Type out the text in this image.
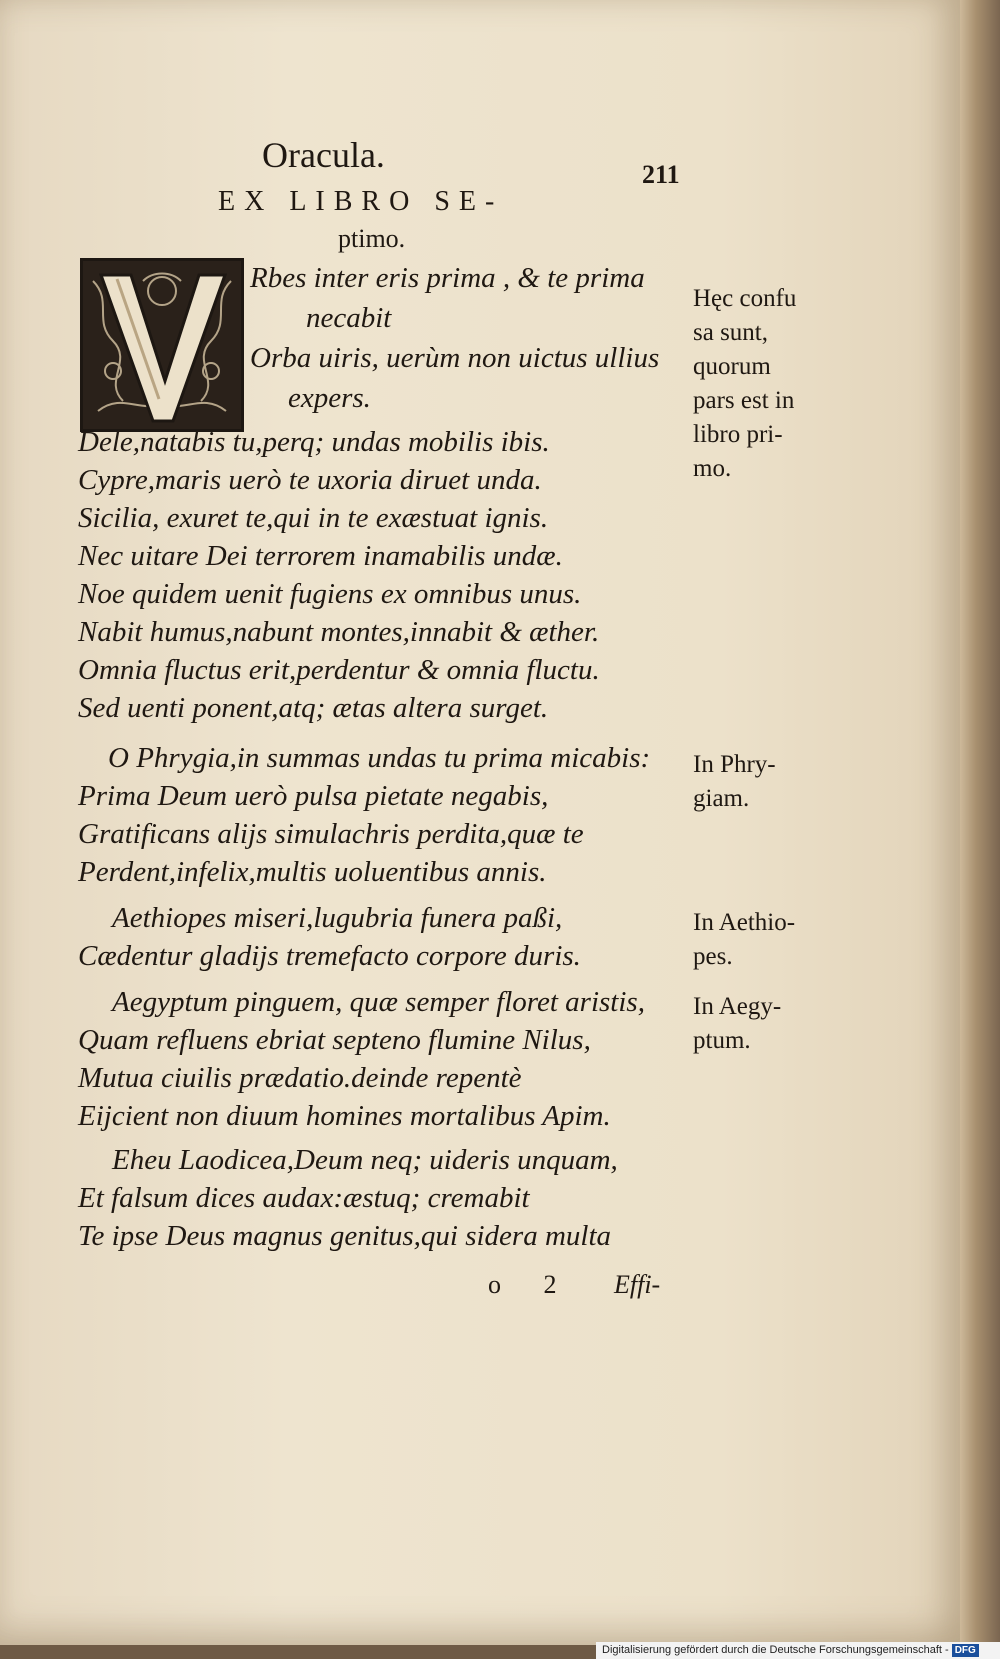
Oracula.	211
EX LIBRO SE-
ptimo.
Rbes inter eris prima , & te prima
necabit
Orba uiris, uerùm non uictus ullius
expers.
Dele,natabis tu,perq; undas mobilis ibis.
Cypre,maris uerò te uxoria diruet unda.
Sicilia, exuret te,qui in te exæstuat ignis.
Nec uitare Dei terrorem inamabilis undæ.
Noe quidem uenit fugiens ex omnibus unus.
Nabit humus,nabunt montes,innabit & æther.
Omnia fluctus erit,perdentur & omnia fluctu.
Sed uenti ponent,atq; ætas altera surget.
O Phrygia,in summas undas tu prima micabis:
Prima Deum uerò pulsa pietate negabis,
Gratificans alijs simulachris perdita,quæ te
Perdent,infelix,multis uoluentibus annis.
Aethiopes miseri,lugubria funera paßi,
Cædentur gladijs tremefacto corpore duris.
Aegyptum pinguem, quæ semper floret aristis,
Quam refluens ebriat septeno flumine Nilus,
Mutua ciuilis prædatio.deinde repentè
Eijcient non diuum homines mortalibus Apim.
Eheu Laodicea,Deum neq; uideris unquam,
Et falsum dices audax:æstuq; cremabit
Te ipse Deus magnus genitus,qui sidera multa
Hęc confu
sa sunt,
quorum
pars est in
libro pri-
mo.
In Phry-
giam.
In Aethio-
pes.
In Aegy-
ptum.
o 2 Effi-
Digitalisierung gefördert durch die Deutsche Forschungsgemeinschaft - DFG
